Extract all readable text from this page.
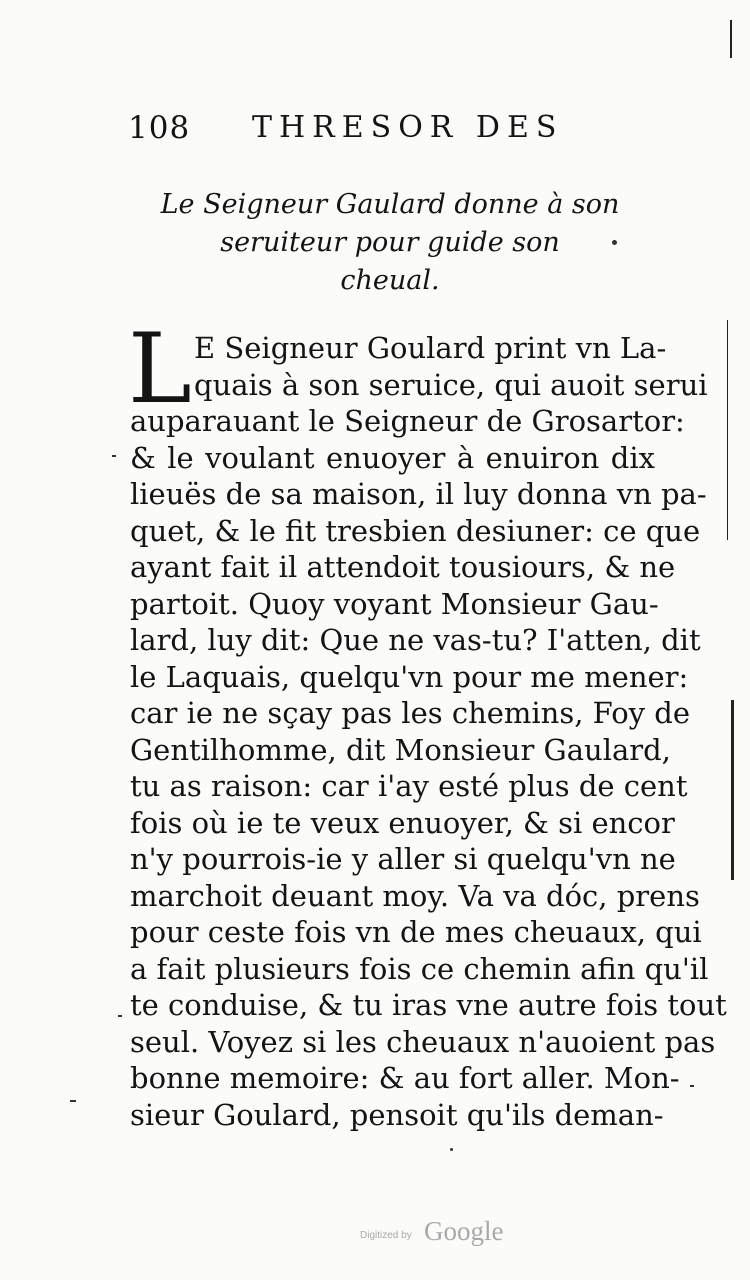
108 THRESOR DES
Le Seigneur Gaulard donne à son
seruiteur pour guide son
cheual.
L E Seigneur Goulard print vn La-
quais à son seruice, qui auoit serui
auparauant le Seigneur de Grosartor:
& le voulant enuoyer à enuiron dix
lieuës de sa maison, il luy donna vn pa-
quet, & le fit tresbien desiuner: ce que
ayant fait il attendoit tousiours, & ne
partoit. Quoy voyant Monsieur Gau-
lard, luy dit: Que ne vas-tu? I'atten, dit
le Laquais, quelqu'vn pour me mener:
car ie ne sçay pas les chemins, Foy de
Gentilhomme, dit Monsieur Gaulard,
tu as raison: car i'ay esté plus de cent
fois où ie te veux enuoyer, & si encor
n'y pourrois-ie y aller si quelqu'vn ne
marchoit deuant moy. Va va dóc, prens
pour ceste fois vn de mes cheuaux, qui
a fait plusieurs fois ce chemin afin qu'il
te conduise, & tu iras vne autre fois tout
seul. Voyez si les cheuaux n'auoient pas
bonne memoire: & au fort aller. Mon-
sieur Goulard, pensoit qu'ils deman-
Digitized by Google
